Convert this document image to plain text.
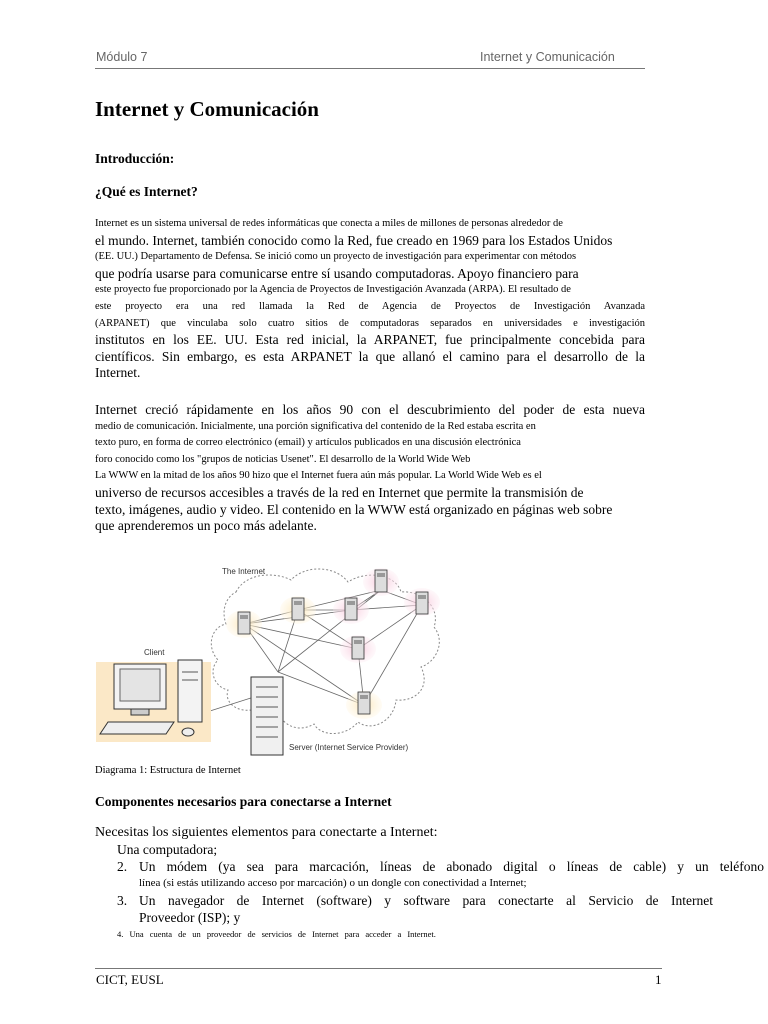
Módulo 7	Internet y Comunicación
Internet y Comunicación
Introducción:
¿Qué es Internet?
Internet es un sistema universal de redes informáticas que conecta a miles de millones de personas alrededor de
el mundo. Internet, también conocido como la Red, fue creado en 1969 para los Estados Unidos
(EE. UU.) Departamento de Defensa. Se inició como un proyecto de investigación para experimentar con métodos
que podría usarse para comunicarse entre sí usando computadoras. Apoyo financiero para
este proyecto fue proporcionado por la Agencia de Proyectos de Investigación Avanzada (ARPA). El resultado de
este proyecto era una red llamada la Red de Agencia de Proyectos de Investigación Avanzada
(ARPANET) que vinculaba solo cuatro sitios de computadoras separados en universidades e investigación
institutos en los EE. UU. Esta red inicial, la ARPANET, fue principalmente concebida para
científicos. Sin embargo, es esta ARPANET la que allanó el camino para el desarrollo de la
Internet.
Internet creció rápidamente en los años 90 con el descubrimiento del poder de esta nueva
medio de comunicación. Inicialmente, una porción significativa del contenido de la Red estaba escrita en
texto puro, en forma de correo electrónico (email) y artículos publicados en una discusión electrónica
foro conocido como los "grupos de noticias Usenet". El desarrollo de la World Wide Web
La WWW en la mitad de los años 90 hizo que el Internet fuera aún más popular. La World Wide Web es el
universo de recursos accesibles a través de la red en Internet que permite la transmisión de
texto, imágenes, audio y video. El contenido en la WWW está organizado en páginas web sobre
que aprenderemos un poco más adelante.
The Internet
Client
Server (Internet Service Provider)
Diagrama 1: Estructura de Internet
Componentes necesarios para conectarse a Internet
Necesitas los siguientes elementos para conectarte a Internet:
Una computadora;
2. Un módem (ya sea para marcación, líneas de abonado digital o líneas de cable) y un teléfono
línea (si estás utilizando acceso por marcación) o un dongle con conectividad a Internet;
3. Un navegador de Internet (software) y software para conectarte al Servicio de Internet
Proveedor (ISP); y
4. Una cuenta de un proveedor de servicios de Internet para acceder a Internet.
CICT, EUSL	1
